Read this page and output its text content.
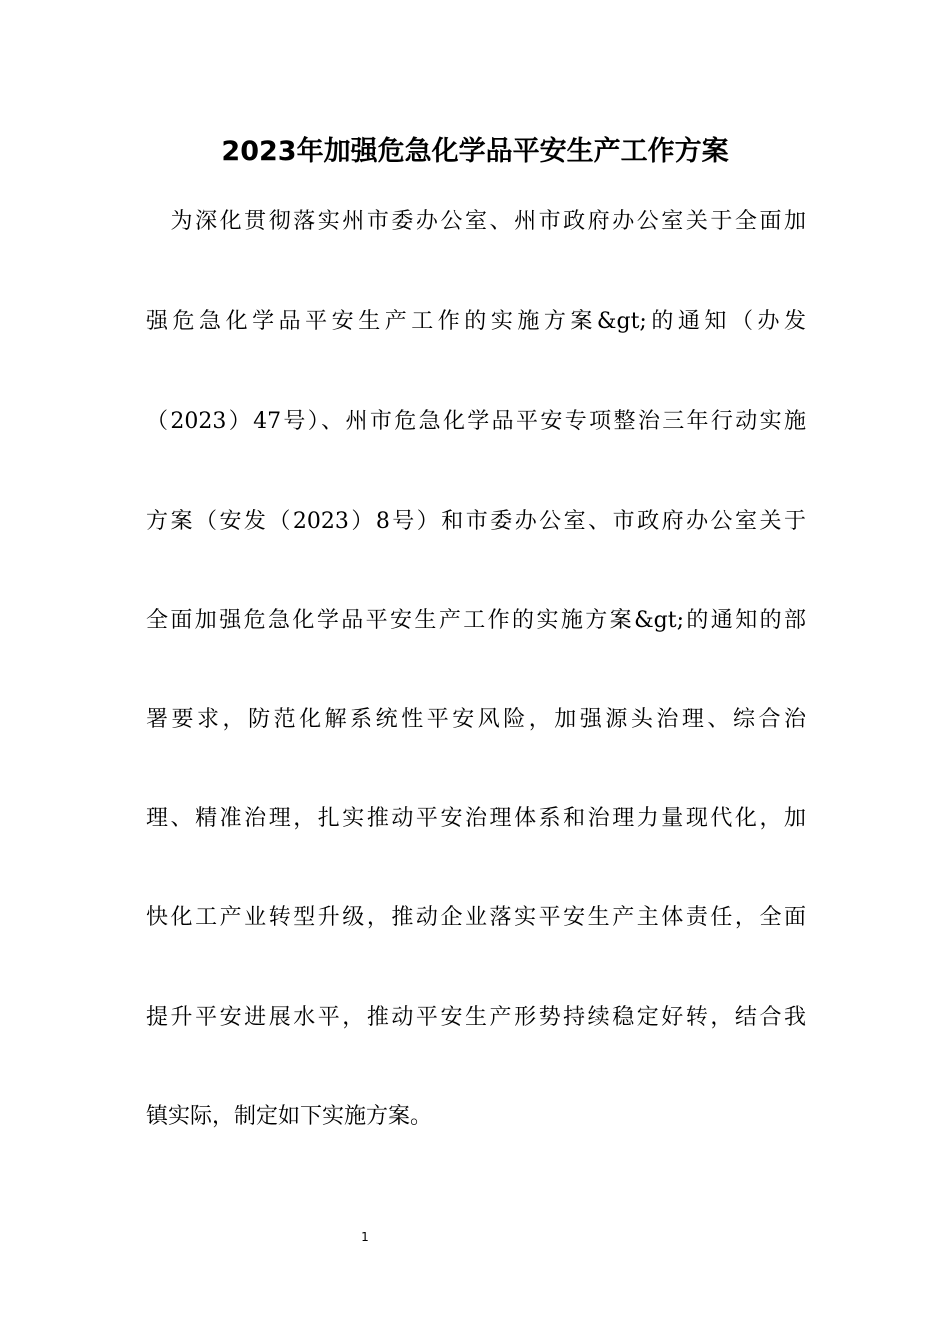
2023年加强危急化学品平安生产工作方案
　为深化贯彻落实州市委办公室、州市政府办公室关于全面加
强危急化学品平安生产工作的实施方案&gt;的通知（办发
（2023）47号）、州市危急化学品平安专项整治三年行动实施
方案（安发（2023）8号）和市委办公室、市政府办公室关于
全面加强危急化学品平安生产工作的实施方案&gt;的通知的部
署要求，防范化解系统性平安风险，加强源头治理、综合治
理、精准治理，扎实推动平安治理体系和治理力量现代化，加
快化工产业转型升级，推动企业落实平安生产主体责任，全面
提升平安进展水平，推动平安生产形势持续稳定好转，结合我
镇实际，制定如下实施方案。
1
